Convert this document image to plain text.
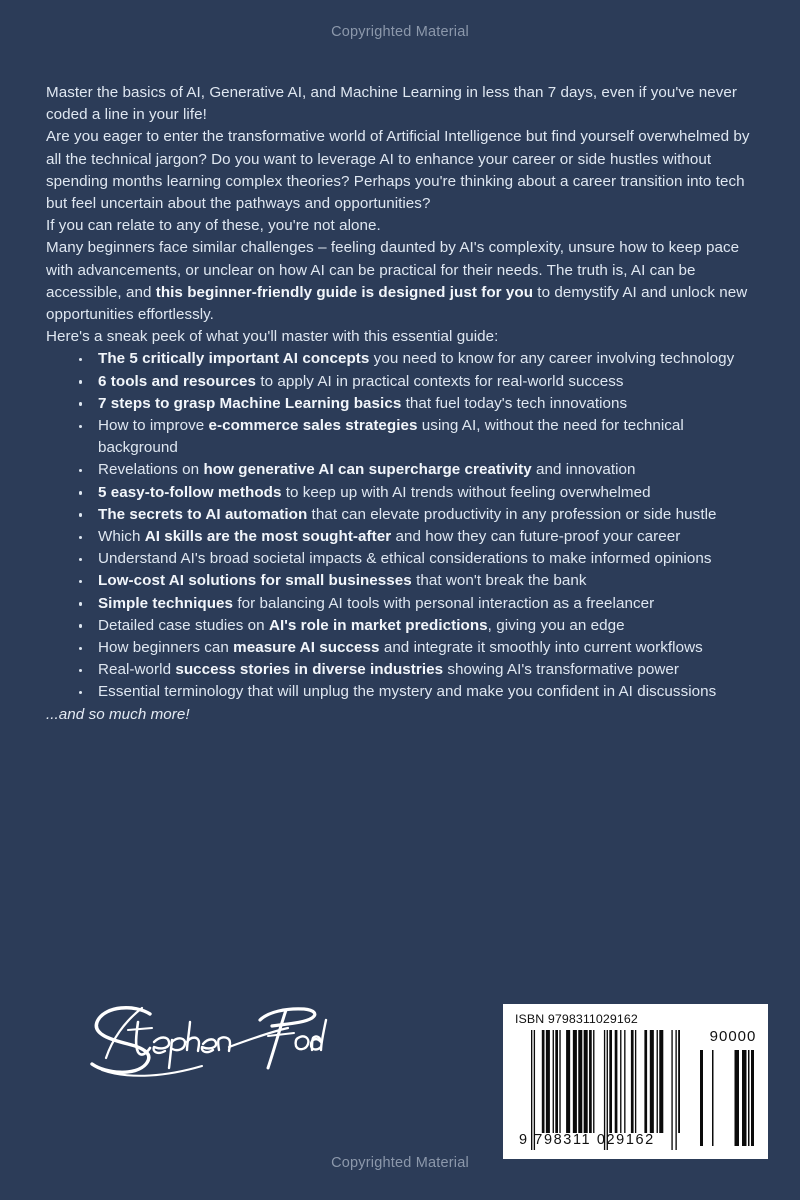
Copyrighted Material

Master the basics of AI, Generative AI, and Machine Learning in less than 7 days, even if you've never coded a line in your life!

Are you eager to enter the transformative world of Artificial Intelligence but find yourself overwhelmed by all the technical jargon? Do you want to leverage AI to enhance your career or side hustles without spending months learning complex theories? Perhaps you're thinking about a career transition into tech but feel uncertain about the pathways and opportunities?

If you can relate to any of these, you're not alone.

Many beginners face similar challenges – feeling daunted by AI's complexity, unsure how to keep pace with advancements, or unclear on how AI can be practical for their needs. The truth is, AI can be accessible, and this beginner-friendly guide is designed just for you to demystify AI and unlock new opportunities effortlessly.

Here's a sneak peek of what you'll master with this essential guide:

The 5 critically important AI concepts you need to know for any career involving technology
6 tools and resources to apply AI in practical contexts for real-world success
7 steps to grasp Machine Learning basics that fuel today's tech innovations
How to improve e-commerce sales strategies using AI, without the need for technical background
Revelations on how generative AI can supercharge creativity and innovation
5 easy-to-follow methods to keep up with AI trends without feeling overwhelmed
The secrets to AI automation that can elevate productivity in any profession or side hustle
Which AI skills are the most sought-after and how they can future-proof your career
Understand AI's broad societal impacts & ethical considerations to make informed opinions
Low-cost AI solutions for small businesses that won't break the bank
Simple techniques for balancing AI tools with personal interaction as a freelancer
Detailed case studies on AI's role in market predictions, giving you an edge
How beginners can measure AI success and integrate it smoothly into current workflows
Real-world success stories in diverse industries showing AI's transformative power
Essential terminology that will unplug the mystery and make you confident in AI discussions

...and so much more!

ISBN 9798311029162

90000
9 798311 029162
Copyrighted Material
